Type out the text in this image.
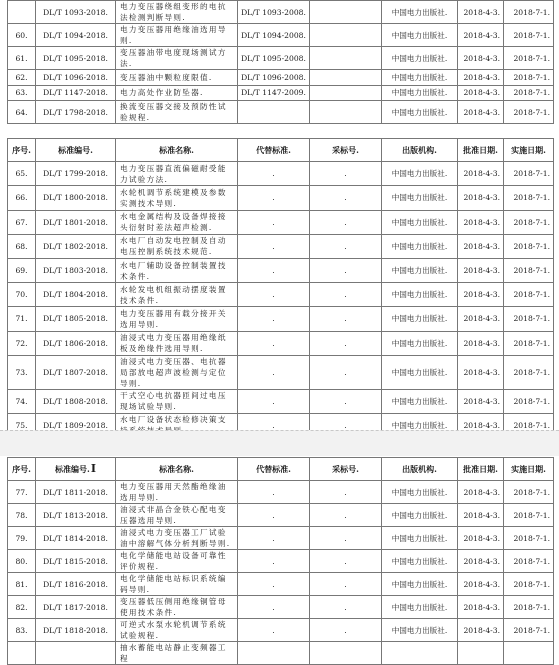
	DL/T 1093-2018.	电力变压器绕组变形的电抗法检测判断导则.	DL/T 1093-2008.		中国电力出版社.	2018-4-3.	2018-7-1.
60.	DL/T 1094-2018.	电力变压器用绝缘油选用导则.	DL/T 1094-2008.		中国电力出版社.	2018-4-3.	2018-7-1.
61.	DL/T 1095-2018.	变压器油带电度现场测试方法.	DL/T 1095-2008.		中国电力出版社.	2018-4-3.	2018-7-1.
62.	DL/T 1096-2018.	变压器油中颗粒度限值.	DL/T 1096-2008.		中国电力出版社.	2018-4-3.	2018-7-1.
63.	DL/T 1147-2018.	电力高处作业防坠器.	DL/T 1147-2009.		中国电力出版社.	2018-4-3.	2018-7-1.
64.	DL/T 1798-2018.	换流变压器交接及预防性试验规程.			中国电力出版社.	2018-4-3.	2018-7-1.

序号.	标准编号.	标准名称.	代替标准.	采标号.	出版机构.	批准日期.	实施日期.
65.	DL/T 1799-2018.	电力变压器直流偏磁耐受能力试验方法.	.	.	中国电力出版社.	2018-4-3.	2018-7-1.
66.	DL/T 1800-2018.	水轮机调节系统建模及参数实测技术导则.	.	.	中国电力出版社.	2018-4-3.	2018-7-1.
67.	DL/T 1801-2018.	水电金属结构及设备焊接接头衍射时差法超声检测.	.	.	中国电力出版社.	2018-4-3.	2018-7-1.
68.	DL/T 1802-2018.	水电厂自动发电控制及自动电压控制系统技术规范.	.	.	中国电力出版社.	2018-4-3.	2018-7-1.
69.	DL/T 1803-2018.	水电厂辅助设备控制装置技术条件.	.	.	中国电力出版社.	2018-4-3.	2018-7-1.
70.	DL/T 1804-2018.	水轮发电机组振动摆度装置技术条件.	.	.	中国电力出版社.	2018-4-3.	2018-7-1.
71.	DL/T 1805-2018.	电力变压器用有载分接开关选用导则.	.	.	中国电力出版社.	2018-4-3.	2018-7-1.
72.	DL/T 1806-2018.	油浸式电力变压器用绝缘纸板及绝缘件选用导则.	.	.	中国电力出版社.	2018-4-3.	2018-7-1.
73.	DL/T 1807-2018.	油浸式电力变压器、电抗器局部放电超声波检测与定位导则.	.	.	中国电力出版社.	2018-4-3.	2018-7-1.
74.	DL/T 1808-2018.	干式空心电抗器匝间过电压现场试验导则.	.	.	中国电力出版社.	2018-4-3.	2018-7-1.
75.	DL/T 1809-2018.	水电厂设备状态检修决策支	.	.	中国电力出版社.	2018-4-3.	2018-7-1.

序号.	标准编号.I	标准名称.	代替标准.	采标号.	出版机构.	批准日期.	实施日期.
77.	DL/T 1811-2018.	电力变压器用天然酯绝缘油选用导则.	.	.	中国电力出版社.	2018-4-3.	2018-7-1.
78.	DL/T 1813-2018.	油浸式非晶合金铁心配电变压器选用导则.	.	.	中国电力出版社.	2018-4-3.	2018-7-1.
79.	DL/T 1814-2018.	油浸式电力变压器工厂试验油中溶解气体分析判断导则.	.	.	中国电力出版社.	2018-4-3.	2018-7-1.
80.	DL/T 1815-2018.	电化学储能电站设备可靠性评价规程.	.	.	中国电力出版社.	2018-4-3.	2018-7-1.
81.	DL/T 1816-2018.	电化学储能电站标识系统编码导则.	.	.	中国电力出版社.	2018-4-3.	2018-7-1.
82.	DL/T 1817-2018.	变压器低压侧用绝缘铜管母使用技术条件.	.	.	中国电力出版社.	2018-4-3.	2018-7-1.
83.	DL/T 1818-2018.	可逆式水泵水轮机调节系统试验规程.	.	.	中国电力出版社.	2018-4-3.	2018-7-1.
		抽水蓄能电站静止变频器工程					
